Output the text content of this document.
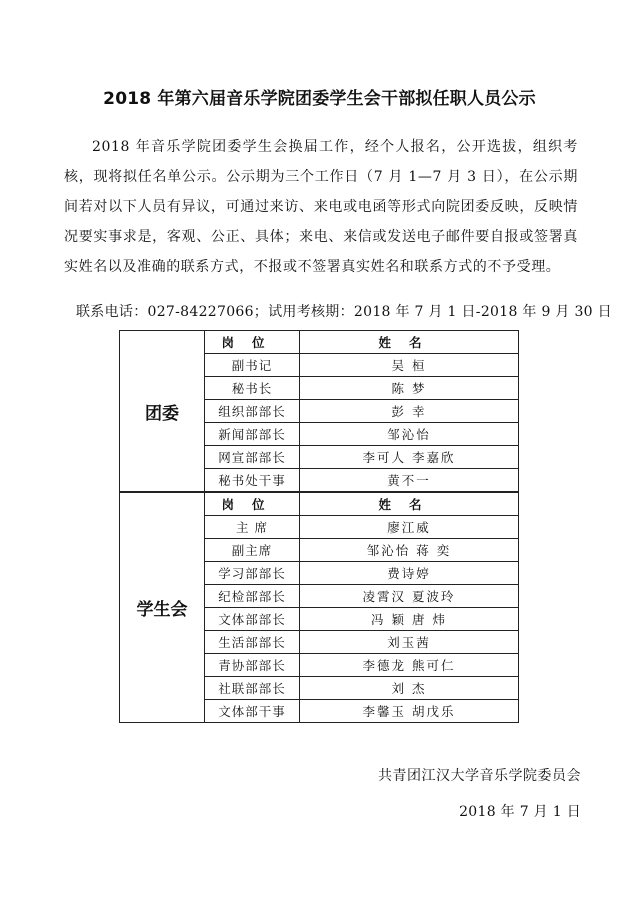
2018 年第六届音乐学院团委学生会干部拟任职人员公示
2018 年音乐学院团委学生会换届工作，经个人报名，公开选拔，组织考核，现将拟任名单公示。公示期为三个工作日（7 月 1—7 月 3 日），在公示期间若对以下人员有异议，可通过来访、来电或电函等形式向院团委反映，反映情况要实事求是，客观、公正、具体；来电、来信或发送电子邮件要自报或签署真实姓名以及准确的联系方式，不报或不签署真实姓名和联系方式的不予受理。
联系电话：027-84227066；试用考核期：2018 年 7 月 1 日-2018 年 9 月 30 日
团委	岗位	姓名
	副书记	吴 桓
	秘书长	陈 梦
	组织部部长	彭 幸
	新闻部部长	邹沁怡
	网宣部部长	李可人 李嘉欣
	秘书处干事	黄不一
学生会	岗位	姓名
	主 席	廖江威
	副主席	邹沁怡 蒋 奕
	学习部部长	费诗婷
	纪检部部长	凌霄汉 夏波玲
	文体部部长	冯 颖 唐 炜
	生活部部长	刘玉茜
	青协部部长	李德龙 熊可仁
	社联部部长	刘 杰
	文体部干事	李馨玉 胡戊乐
共青团江汉大学音乐学院委员会
2018 年 7 月 1 日
